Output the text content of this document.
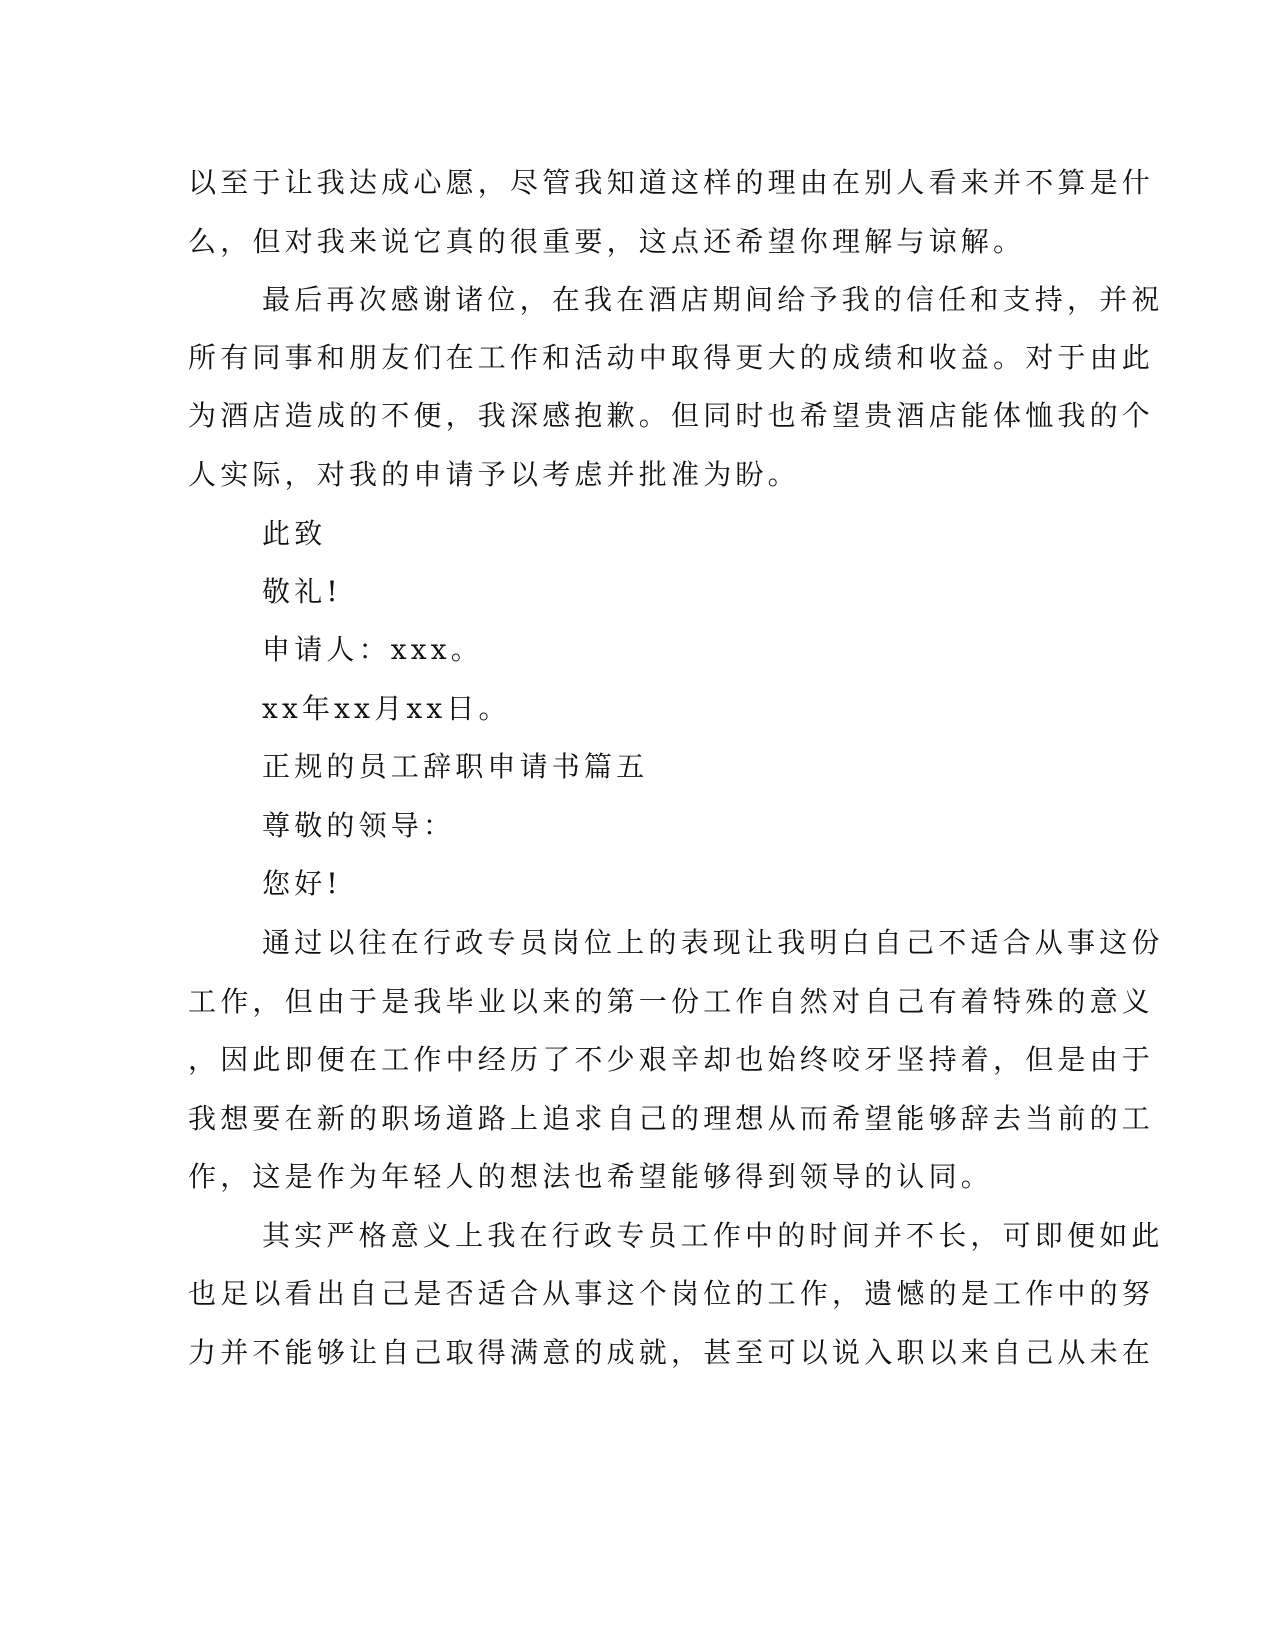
以至于让我达成心愿，尽管我知道这样的理由在别人看来并不算是什
么，但对我来说它真的很重要，这点还希望你理解与谅解。
最后再次感谢诸位，在我在酒店期间给予我的信任和支持，并祝
所有同事和朋友们在工作和活动中取得更大的成绩和收益。对于由此
为酒店造成的不便，我深感抱歉。但同时也希望贵酒店能体恤我的个
人实际，对我的申请予以考虑并批准为盼。
此致
敬礼!
申请人：xxx。
xx年xx月xx日。
正规的员工辞职申请书篇五
尊敬的领导：
您好!
通过以往在行政专员岗位上的表现让我明白自己不适合从事这份
工作，但由于是我毕业以来的第一份工作自然对自己有着特殊的意义
，因此即便在工作中经历了不少艰辛却也始终咬牙坚持着，但是由于
我想要在新的职场道路上追求自己的理想从而希望能够辞去当前的工
作，这是作为年轻人的想法也希望能够得到领导的认同。
其实严格意义上我在行政专员工作中的时间并不长，可即便如此
也足以看出自己是否适合从事这个岗位的工作，遗憾的是工作中的努
力并不能够让自己取得满意的成就，甚至可以说入职以来自己从未在
